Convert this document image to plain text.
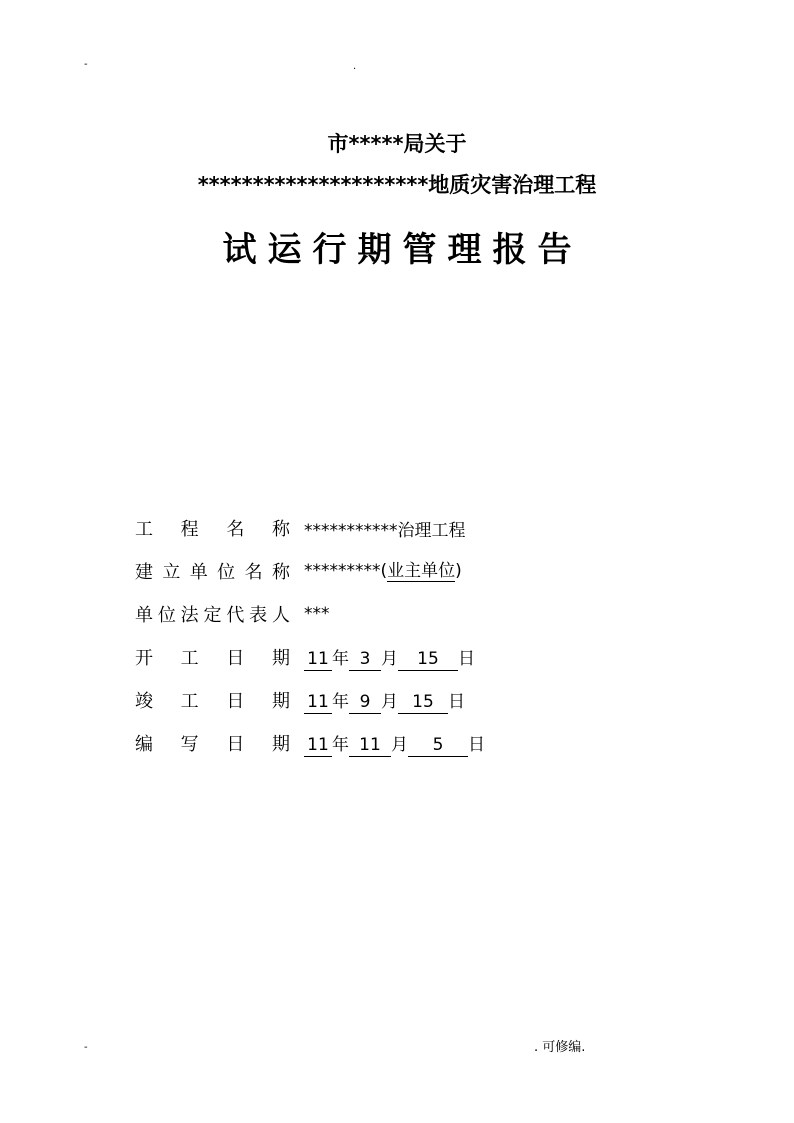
-	.
市*****局关于
*********************地质灾害治理工程
试运行期管理报告
工 程 名 称 ***********治理工程
建 立 单 位 名 称 *********(业主单位)
单 位 法 定 代 表 人 ***
开 工 日 期 11 年 3 月 15 日
竣 工 日 期 11 年 9 月 15 日
编 写 日 期 11 年 11 月 5 日
-	. 可修编.
